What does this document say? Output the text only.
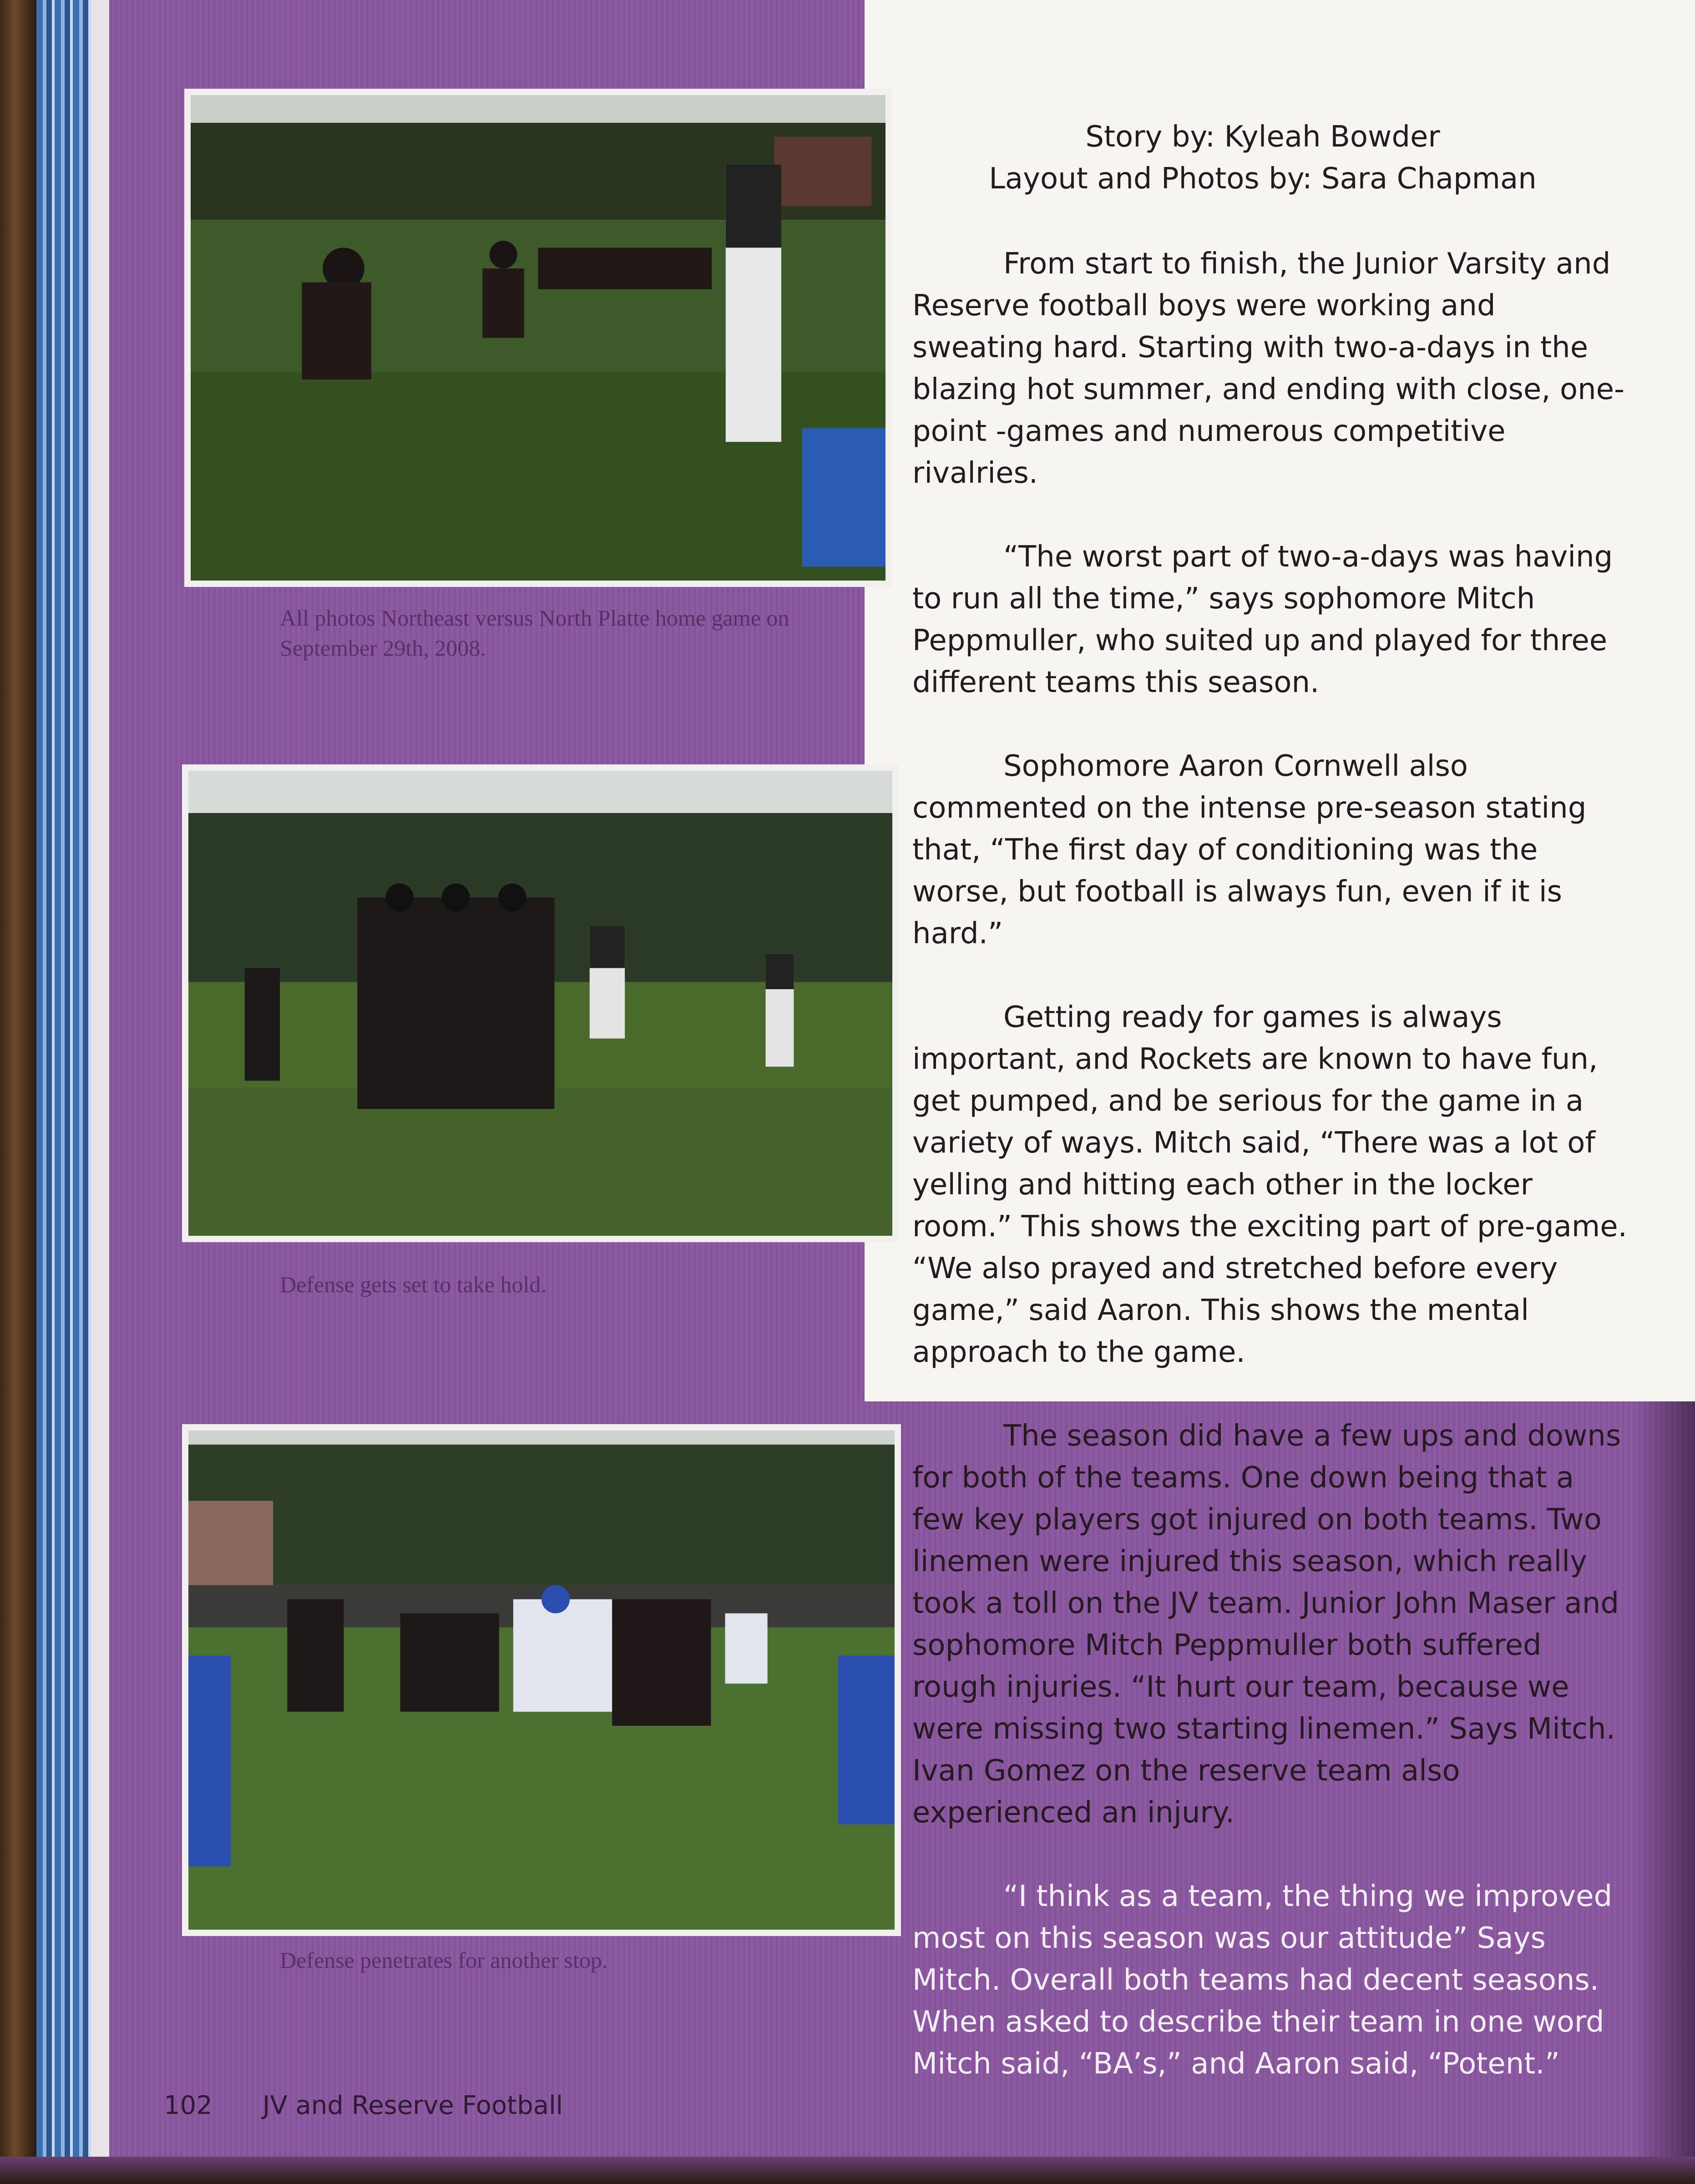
All photos Northeast versus North Platte home game on September 29th, 2008.
Defense gets set to take hold.
Defense penetrates for another stop.
Story by: Kyleah Bowder
Layout and Photos by: Sara Chapman

From start to finish, the Junior Varsity and Reserve football boys were working and sweating hard. Starting with two-a-days in the blazing hot summer, and ending with close, one-point -games and numerous competitive rivalries.

“The worst part of two-a-days was having to run all the time,” says sophomore Mitch Peppmuller, who suited up and played for three different teams this season.

Sophomore Aaron Cornwell also commented on the intense pre-season stating that, “The first day of conditioning was the worse, but football is always fun, even if it is hard.”

Getting ready for games is always important, and Rockets are known to have fun, get pumped, and be serious for the game in a variety of ways. Mitch said, “There was a lot of yelling and hitting each other in the locker room.” This shows the exciting part of pre-game. “We also prayed and stretched before every game,” said Aaron. This shows the mental approach to the game.

The season did have a few ups and downs for both of the teams. One down being that a few key players got injured on both teams. Two linemen were injured this season, which really took a toll on the JV team. Junior John Maser and sophomore Mitch Peppmuller both suffered rough injuries. “It hurt our team, because we were missing two starting linemen.” Says Mitch. Ivan Gomez on the reserve team also experienced an injury.

“I think as a team, the thing we improved most on this season was our attitude” Says Mitch. Overall both teams had decent seasons. When asked to describe their team in one word Mitch said, “BA’s,” and Aaron said, “Potent.”

102 JV and Reserve Football
